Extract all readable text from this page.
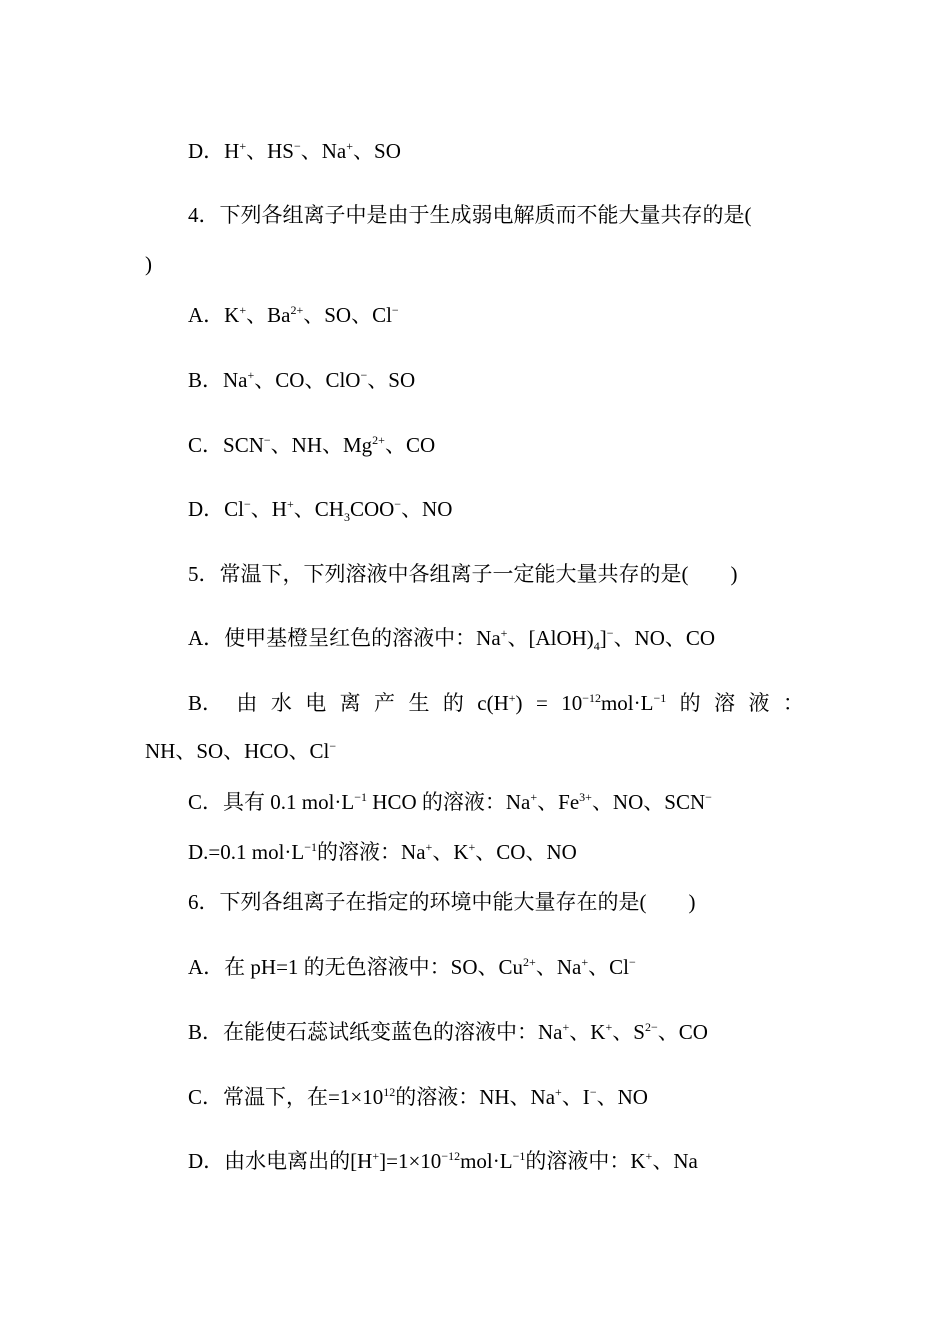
D．H+、HS−、Na+、SO
4．下列各组离子中是由于生成弱电解质而不能大量共存的是(
)
A．K+、$Ba^{2+}$、SO、Cl−
B．Na+、CO、ClO−、SO
C．SCN−、NH、$Mg^{2+}$、CO
D．Cl−、H+、$CH_3COO^-$、NO
5．常温下，下列溶液中各组离子一定能大量共存的是(　　)
A．使甲基橙呈红色的溶液中：Na+、$[AlOH)_4]^-$、NO、CO
B． 由 水 电 离 产 生 的 $c(H^+) = 10^{-12}mol\cdot L^{-1}$ 的 溶 液 ：
NH、SO、HCO、Cl−
C．具有 0.1 $mol\cdot L^{-1}$ HCO 的溶液：Na+、$Fe^{3+}$、NO、SCN−
D.=0.1 $mol\cdot L^{-1}$的溶液：Na+、K+、CO、NO
6．下列各组离子在指定的环境中能大量存在的是(　　)
A．在 pH=1 的无色溶液中：SO、$Cu^{2+}$、Na+、Cl−
B．在能使石蕊试纸变蓝色的溶液中：Na+、K+、$S^{2-}$、CO
C．常温下，在$=1\times 10^{12}$的溶液：NH、Na+、I−、NO
D．由水电离出的$[H^+]=1\times 10^{-12}mol\cdot L^{-1}$的溶液中：K+、Na
